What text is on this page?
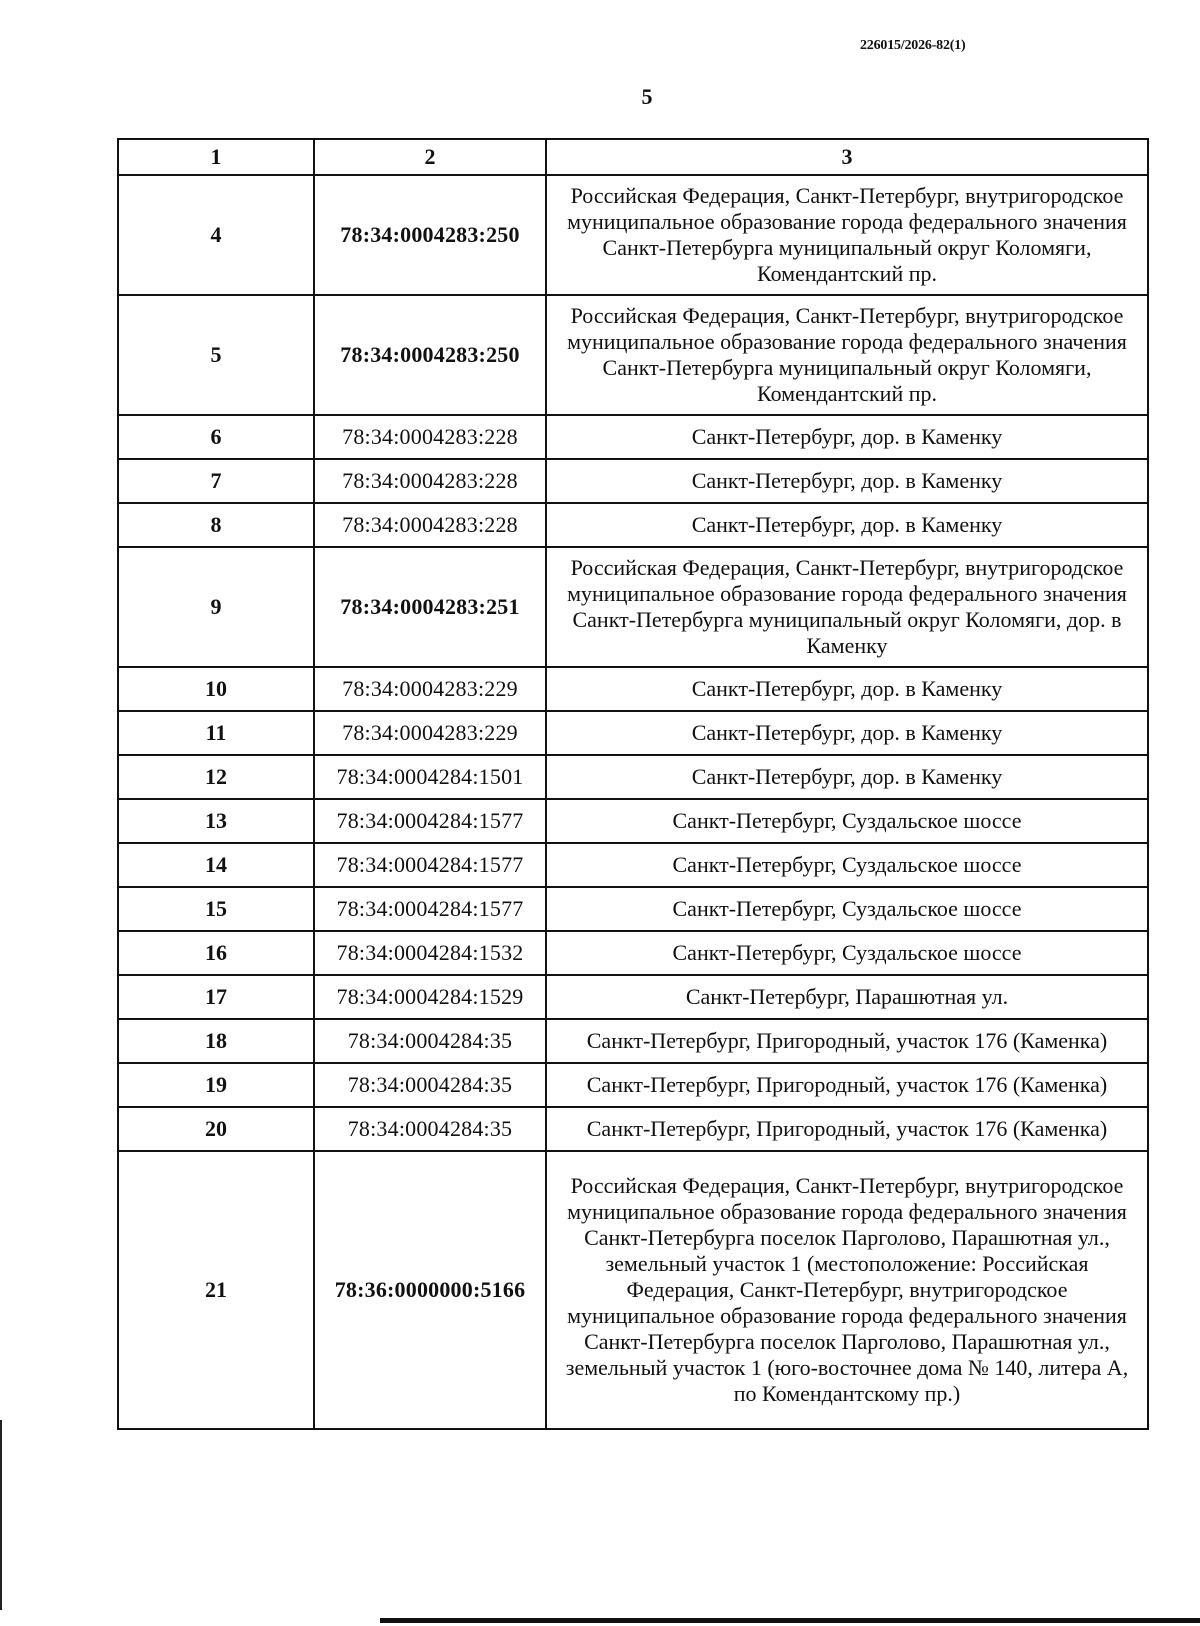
226015/2026-82(1)
5
1	2	3
4	78:34:0004283:250	Российская Федерация, Санкт-Петербург, внутригородское муниципальное образование города федерального значения Санкт-Петербурга муниципальный округ Коломяги, Комендантский пр.
5	78:34:0004283:250	Российская Федерация, Санкт-Петербург, внутригородское муниципальное образование города федерального значения Санкт-Петербурга муниципальный округ Коломяги, Комендантский пр.
6	78:34:0004283:228	Санкт-Петербург, дор. в Каменку
7	78:34:0004283:228	Санкт-Петербург, дор. в Каменку
8	78:34:0004283:228	Санкт-Петербург, дор. в Каменку
9	78:34:0004283:251	Российская Федерация, Санкт-Петербург, внутригородское муниципальное образование города федерального значения Санкт-Петербурга муниципальный округ Коломяги, дор. в Каменку
10	78:34:0004283:229	Санкт-Петербург, дор. в Каменку
11	78:34:0004283:229	Санкт-Петербург, дор. в Каменку
12	78:34:0004284:1501	Санкт-Петербург, дор. в Каменку
13	78:34:0004284:1577	Санкт-Петербург, Суздальское шоссе
14	78:34:0004284:1577	Санкт-Петербург, Суздальское шоссе
15	78:34:0004284:1577	Санкт-Петербург, Суздальское шоссе
16	78:34:0004284:1532	Санкт-Петербург, Суздальское шоссе
17	78:34:0004284:1529	Санкт-Петербург, Парашютная ул.
18	78:34:0004284:35	Санкт-Петербург, Пригородный, участок 176 (Каменка)
19	78:34:0004284:35	Санкт-Петербург, Пригородный, участок 176 (Каменка)
20	78:34:0004284:35	Санкт-Петербург, Пригородный, участок 176 (Каменка)
21	78:36:0000000:5166	Российская Федерация, Санкт-Петербург, внутригородское муниципальное образование города федерального значения Санкт-Петербурга поселок Парголово, Парашютная ул., земельный участок 1 (местоположение: Российская Федерация, Санкт-Петербург, внутригородское муниципальное образование города федерального значения Санкт-Петербурга поселок Парголово, Парашютная ул., земельный участок 1 (юго-восточнее дома № 140, литера А, по Комендантскому пр.)
